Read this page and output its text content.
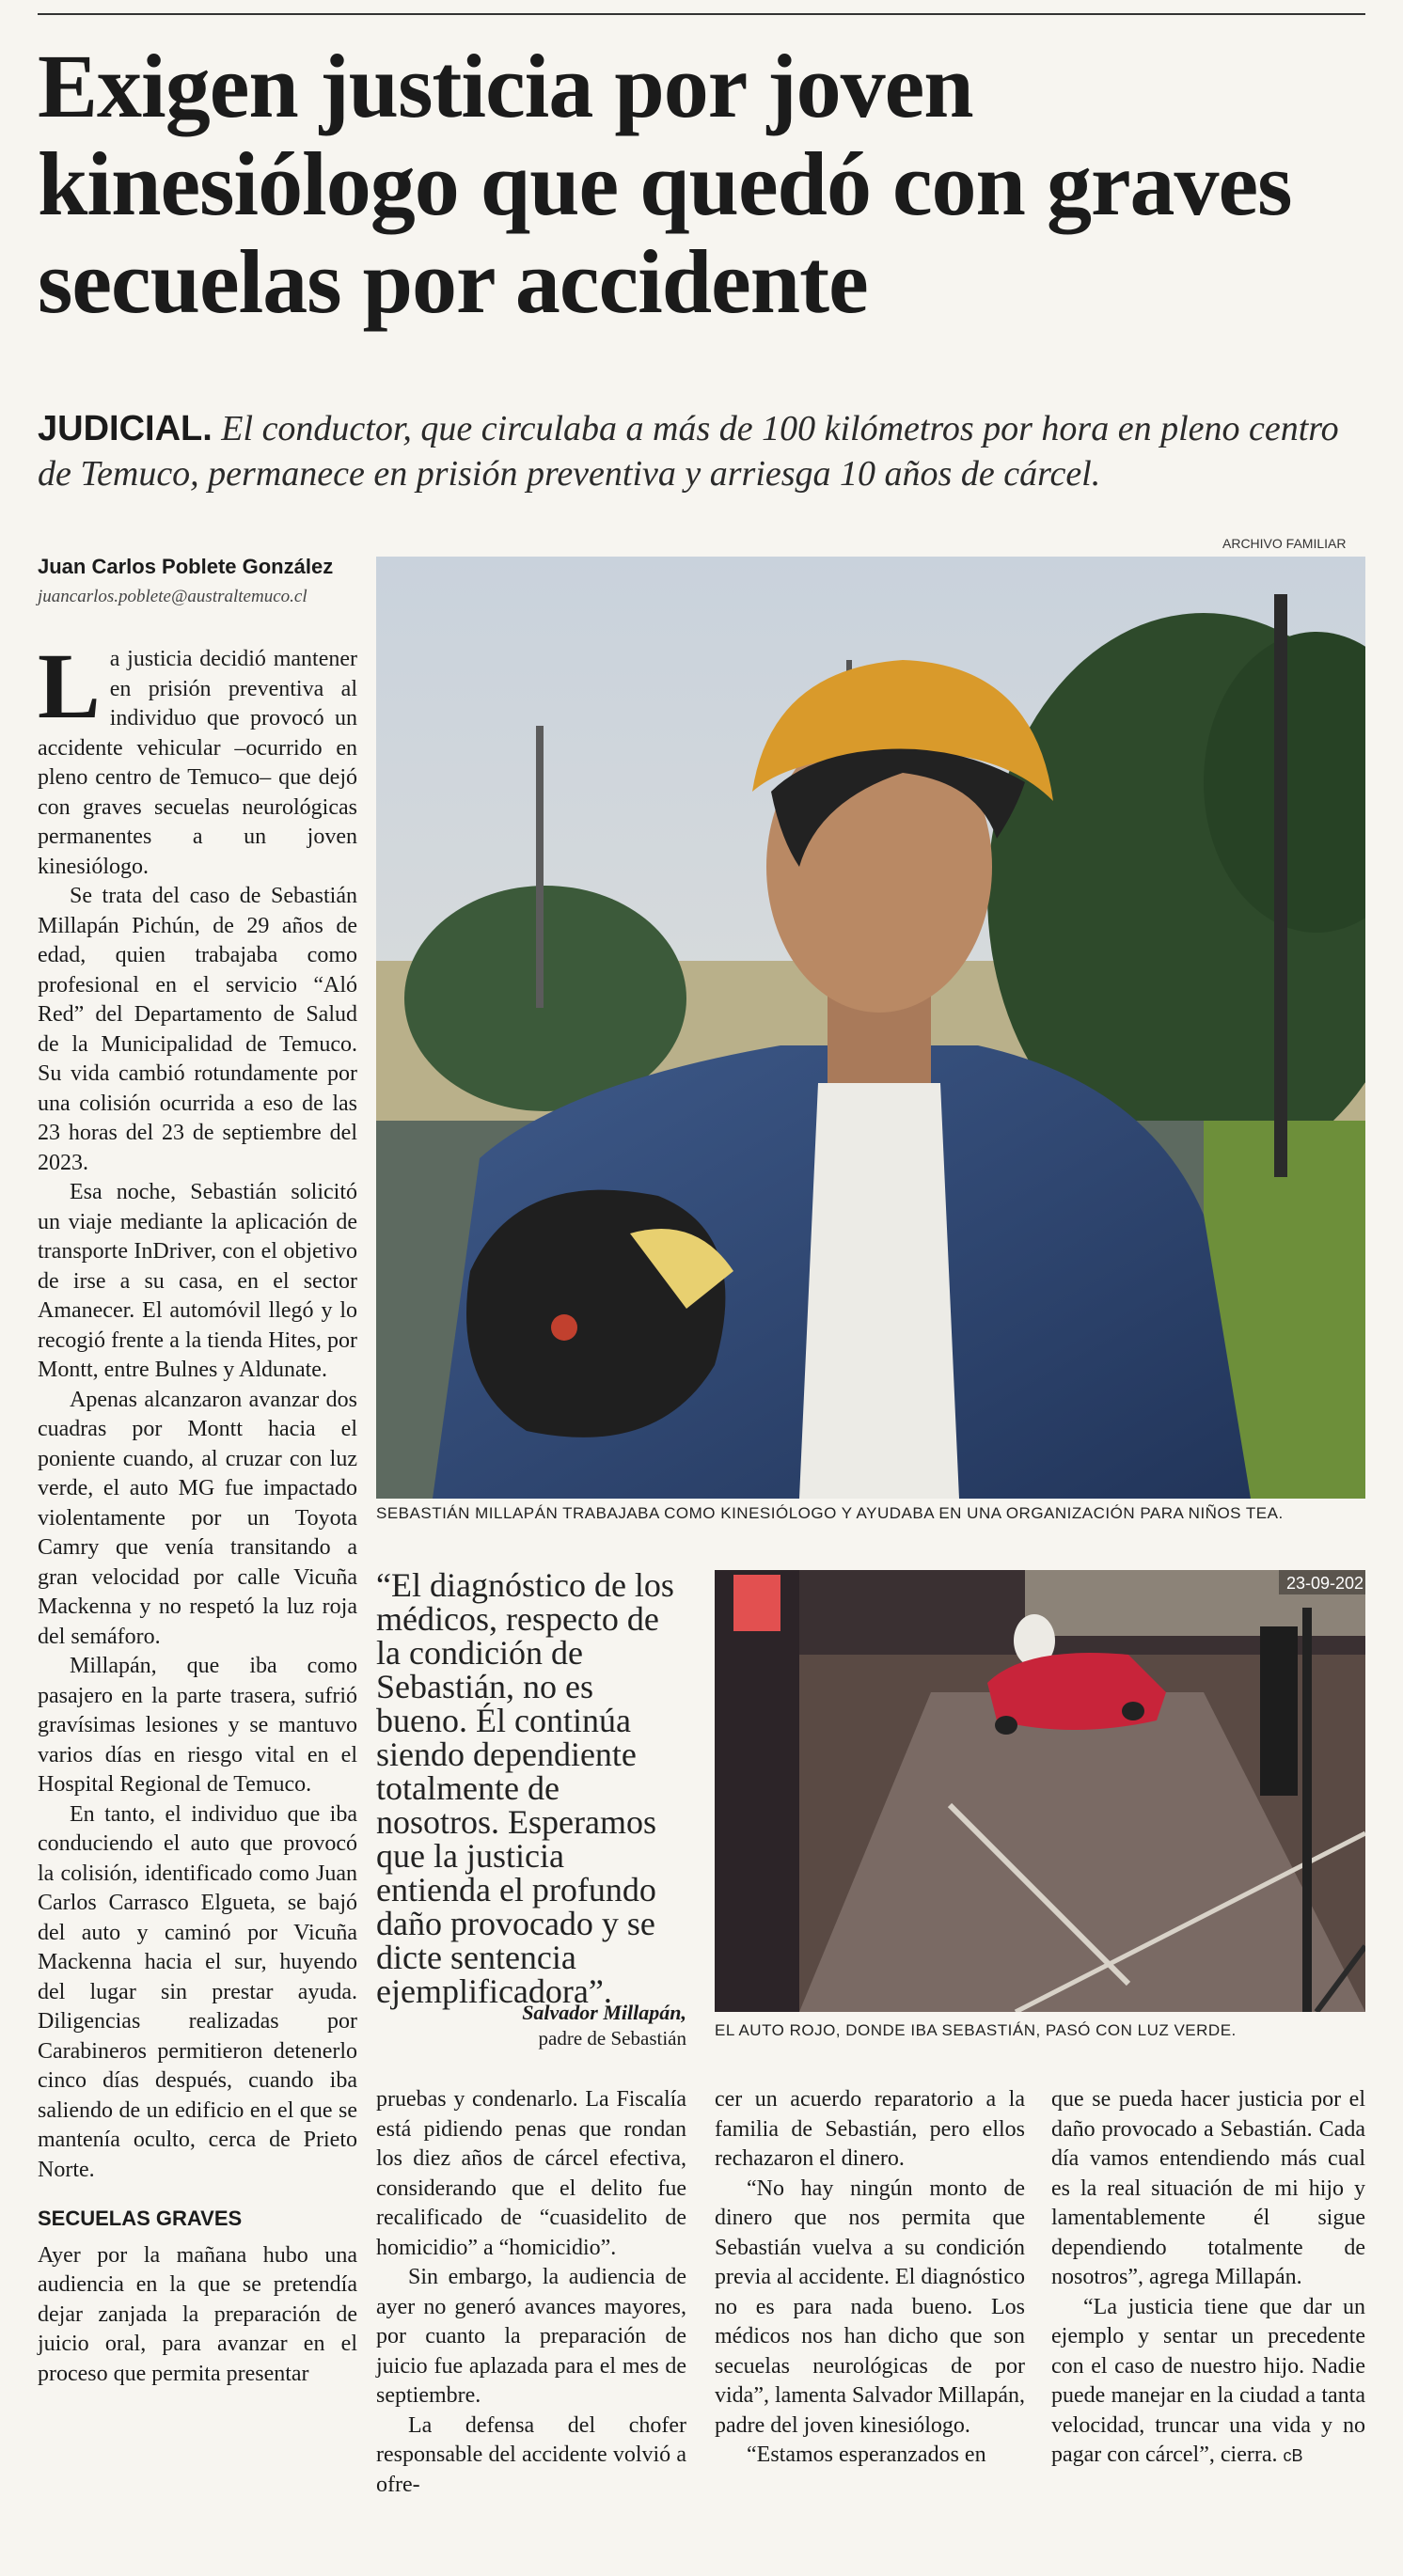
Exigen justicia por joven kinesiólogo que quedó con graves secuelas por accidente
JUDICIAL. El conductor, que circulaba a más de 100 kilómetros por hora en pleno centro de Temuco, permanece en prisión preventiva y arriesga 10 años de cárcel.
Juan Carlos Poblete González
juancarlos.poblete@australtemuco.cl

La justicia decidió mantener en prisión preventiva al individuo que provocó un accidente vehicular –ocurrido en pleno centro de Temuco– que dejó con graves secuelas neurológicas permanentes a un joven kinesiólogo.

Se trata del caso de Sebastián Millapán Pichún, de 29 años de edad, quien trabajaba como profesional en el servicio “Aló Red” del Departamento de Salud de la Municipalidad de Temuco. Su vida cambió rotundamente por una colisión ocurrida a eso de las 23 horas del 23 de septiembre del 2023.

Esa noche, Sebastián solicitó un viaje mediante la aplicación de transporte InDriver, con el objetivo de irse a su casa, en el sector Amanecer. El automóvil llegó y lo recogió frente a la tienda Hites, por Montt, entre Bulnes y Aldunate.

Apenas alcanzaron avanzar dos cuadras por Montt hacia el poniente cuando, al cruzar con luz verde, el auto MG fue impactado violentamente por un Toyota Camry que venía transitando a gran velocidad por calle Vicuña Mackenna y no respetó la luz roja del semáforo.

Millapán, que iba como pasajero en la parte trasera, sufrió gravísimas lesiones y se mantuvo varios días en riesgo vital en el Hospital Regional de Temuco.

En tanto, el individuo que iba conduciendo el auto que provocó la colisión, identificado como Juan Carlos Carrasco Elgueta, se bajó del auto y caminó por Vicuña Mackenna hacia el sur, huyendo del lugar sin prestar ayuda. Diligencias realizadas por Carabineros permitieron detenerlo cinco días después, cuando iba saliendo de un edificio en el que se mantenía oculto, cerca de Prieto Norte.

SECUELAS GRAVES

Ayer por la mañana hubo una audiencia en la que se pretendía dejar zanjada la preparación de juicio oral, para avanzar en el proceso que permita presentar

ARCHIVO FAMILIAR
SEBASTIÁN MILLAPÁN TRABAJABA COMO KINESIÓLOGO Y AYUDABA EN UNA ORGANIZACIÓN PARA NIÑOS TEA.
“El diagnóstico de los médicos, respecto de la condición de Sebastián, no es bueno. Él continúa siendo dependiente totalmente de nosotros. Esperamos que la justicia entienda el profundo daño provocado y se dicte sentencia ejemplificadora”.
Salvador Millapán,
padre de Sebastián
23-09-202
EL AUTO ROJO, DONDE IBA SEBASTIÁN, PASÓ CON LUZ VERDE.

pruebas y condenarlo. La Fiscalía está pidiendo penas que rondan los diez años de cárcel efectiva, considerando que el delito fue recalificado de “cuasidelito de homicidio” a “homicidio”.

Sin embargo, la audiencia de ayer no generó avances mayores, por cuanto la preparación de juicio fue aplazada para el mes de septiembre.

La defensa del chofer responsable del accidente volvió a ofre-

cer un acuerdo reparatorio a la familia de Sebastián, pero ellos rechazaron el dinero.

“No hay ningún monto de dinero que nos permita que Sebastián vuelva a su condición previa al accidente. El diagnóstico no es para nada bueno. Los médicos nos han dicho que son secuelas neurológicas de por vida”, lamenta Salvador Millapán, padre del joven kinesiólogo.

“Estamos esperanzados en

que se pueda hacer justicia por el daño provocado a Sebastián. Cada día vamos entendiendo más cual es la real situación de mi hijo y lamentablemente él sigue dependiendo totalmente de nosotros”, agrega Millapán.

“La justicia tiene que dar un ejemplo y sentar un precedente con el caso de nuestro hijo. Nadie puede manejar en la ciudad a tanta velocidad, truncar una vida y no pagar con cárcel”, cierra. cB
